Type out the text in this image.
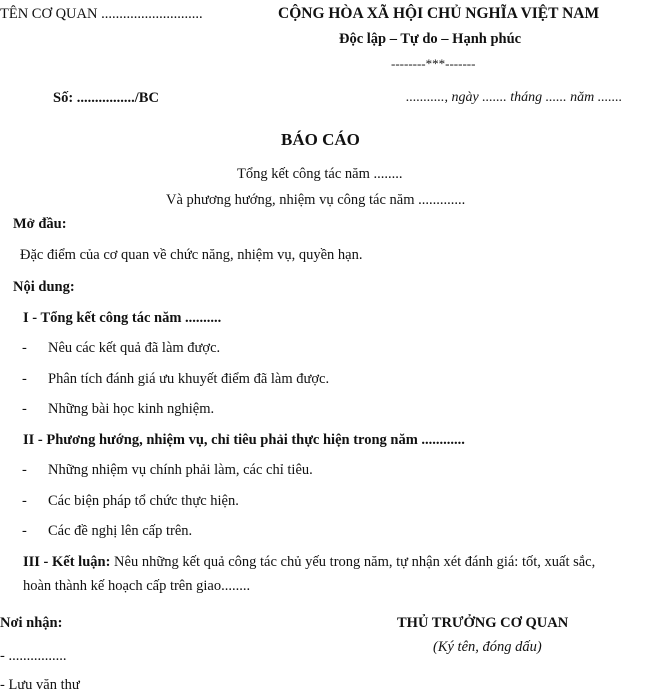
TÊN CƠ QUAN ............................	CỘNG HÒA XÃ HỘI CHỦ NGHĨA VIỆT NAM
Độc lập – Tự do – Hạnh phúc
--------***-------
Số: ................/BC	..........., ngày ....... tháng ...... năm .......
BÁO CÁO
Tổng kết công tác năm ........
Và phương hướng, nhiệm vụ công tác năm .............
Mở đầu:
Đặc điểm của cơ quan về chức năng, nhiệm vụ, quyền hạn.
Nội dung:
I - Tổng kết công tác năm ..........
- Nêu các kết quả đã làm được.
- Phân tích đánh giá ưu khuyết điểm đã làm được.
- Những bài học kinh nghiệm.
II - Phương hướng, nhiệm vụ, chỉ tiêu phải thực hiện trong năm ............
- Những nhiệm vụ chính phải làm, các chỉ tiêu.
- Các biện pháp tổ chức thực hiện.
- Các đề nghị lên cấp trên.
III - Kết luận: Nêu những kết quả công tác chủ yếu trong năm, tự nhận xét đánh giá: tốt, xuất sắc,
hoàn thành kế hoạch cấp trên giao........
Nơi nhận:
- ................
- Lưu văn thư
THỦ TRƯỞNG CƠ QUAN
(Ký tên, đóng dấu)
